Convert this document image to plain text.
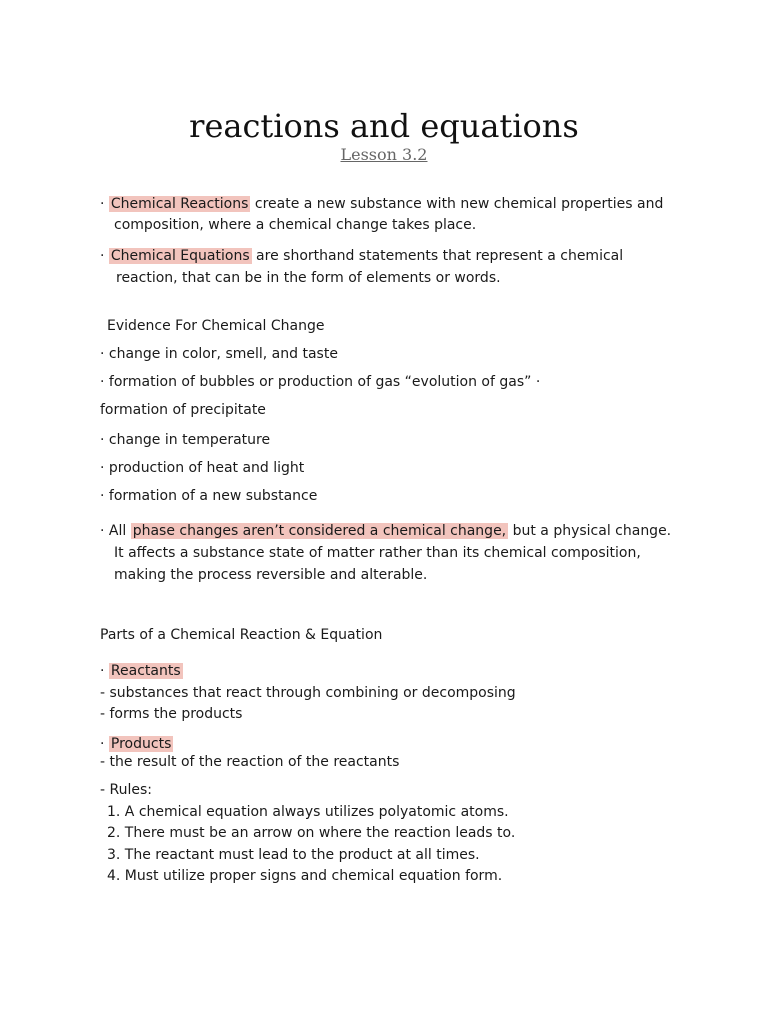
reactions and equations
Lesson 3.2
· Chemical Reactions create a new substance with new chemical properties and
composition, where a chemical change takes place.
· Chemical Equations are shorthand statements that represent a chemical
reaction, that can be in the form of elements or words.
Evidence For Chemical Change
· change in color, smell, and taste
· formation of bubbles or production of gas “evolution of gas” ·
formation of precipitate
· change in temperature
· production of heat and light
· formation of a new substance
· All phase changes aren’t considered a chemical change, but a physical change.
It affects a substance state of matter rather than its chemical composition,
making the process reversible and alterable.
Parts of a Chemical Reaction & Equation
· Reactants
- substances that react through combining or decomposing
- forms the products
· Products
- the result of the reaction of the reactants
- Rules:
1. A chemical equation always utilizes polyatomic atoms.
2. There must be an arrow on where the reaction leads to.
3. The reactant must lead to the product at all times.
4. Must utilize proper signs and chemical equation form.
